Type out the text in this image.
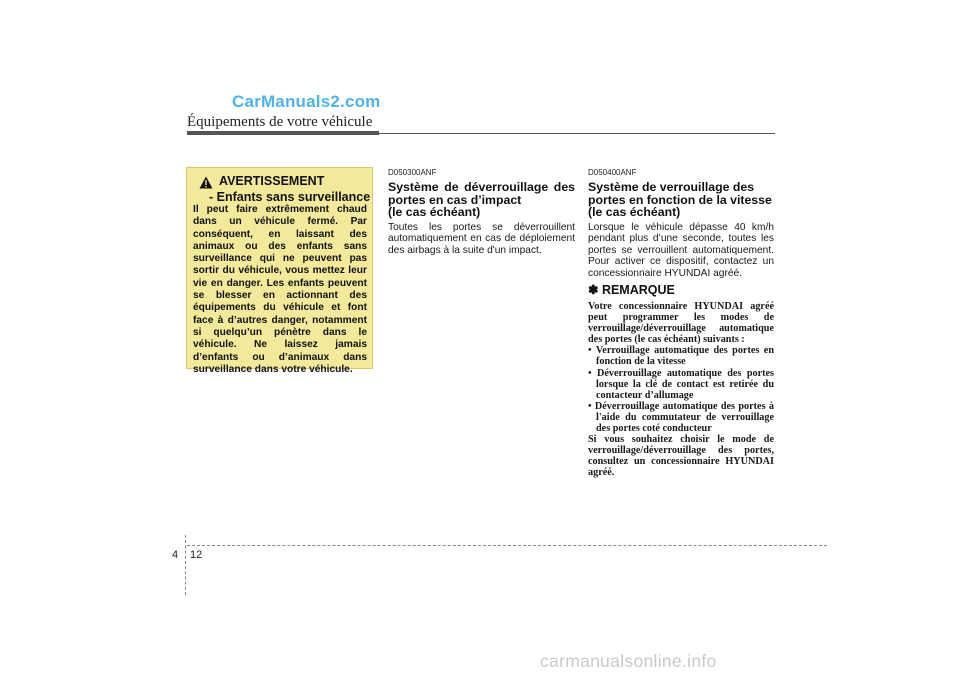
CarManuals2.com
Équipements de votre véhicule
AVERTISSEMENT
- Enfants sans surveillance
Il peut faire extrêmement chaud dans un véhicule fermé. Par conséquent, en laissant des animaux ou des enfants sans surveillance qui ne peuvent pas sortir du véhicule, vous mettez leur vie en danger. Les enfants peuvent se blesser en actionnant des équipements du véhicule et font face à d’autres danger, notamment si quelqu’un pénètre dans le véhicule. Ne laissez jamais d’enfants ou d’animaux dans surveillance dans votre véhicule.
D050300ANF
Système de déverrouillage des portes en cas d’impact
(le cas échéant)
Toutes les portes se déverrouillent automatiquement en cas de déploiement des airbags à la suite d'un impact.
D050400ANF
Système de verrouillage des portes en fonction de la vitesse
(le cas échéant)
Lorsque le véhicule dépasse 40 km/h pendant plus d’une seconde, toutes les portes se verrouillent automatiquement. Pour activer ce dispositif, contactez un concessionnaire HYUNDAI agréé.
✽ REMARQUE
Votre concessionnaire HYUNDAI agréé peut programmer les modes de verrouillage/déverrouillage automatique des portes (le cas échéant) suivants :
• Verrouillage automatique des portes en fonction de la vitesse
• Déverrouillage automatique des portes lorsque la clé de contact est retirée du contacteur d’allumage
• Déverrouillage automatique des portes à l'aide du commutateur de verrouillage des portes coté conducteur
Si vous souhaitez choisir le mode de verrouillage/déverrouillage des portes, consultez un concessionnaire HYUNDAI agréé.
4 12
carmanualsonline.info
